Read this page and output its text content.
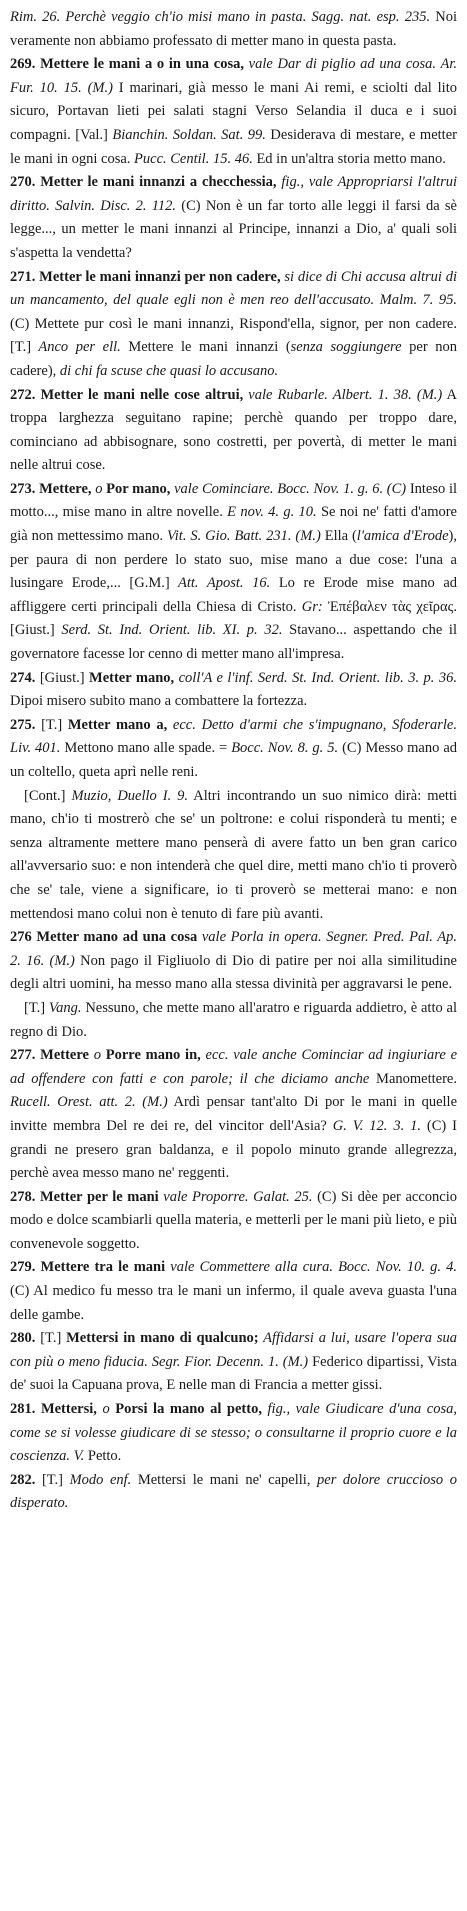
Rim. 26. Perchè veggio ch'io misi mano in pasta. Sagg. nat. esp. 235. Noi veramente non abbiamo professato di metter mano in questa pasta.

269. Mettere le mani a o in una cosa, vale Dar di piglio ad una cosa. Ar. Fur. 10. 15. (M.) I marinari, già messo le mani Ai remi, e sciolti dal lito sicuro, Portavan lieti pei salati stagni Verso Selandia il duca e i suoi compagni. [Val.] Bianchin. Soldan. Sat. 99. Desiderava di mestare, e metter le mani in ogni cosa. Pucc. Centil. 15. 46. Ed in un'altra storia metto mano.

270. Metter le mani innanzi a checchessia, fig., vale Appropriarsi l'altrui diritto. Salvin. Disc. 2. 112. (C) Non è un far torto alle leggi il farsi da sè legge..., un metter le mani innanzi al Principe, innanzi a Dio, a' quali soli s'aspetta la vendetta?

271. Metter le mani innanzi per non cadere, si dice di Chi accusa altrui di un mancamento, del quale egli non è men reo dell'accusato. Malm. 7. 95. (C) Mettete pur così le mani innanzi, Rispond'ella, signor, per non cadere. [T.] Anco per ell. Mettere le mani innanzi (senza soggiungere per non cadere), di chi fa scuse che quasi lo accusano.

272. Metter le mani nelle cose altrui, vale Rubarle. Albert. 1. 38. (M.) A troppa larghezza seguitano rapine; perchè quando per troppo dare, cominciano ad abbisognare, sono costretti, per povertà, di metter le mani nelle altrui cose.

273. Mettere, o Por mano, vale Cominciare. Bocc. Nov. 1. g. 6. (C) Inteso il motto..., mise mano in altre novelle. E nov. 4. g. 10. Se noi ne' fatti d'amore già non mettessimo mano. Vit. S. Gio. Batt. 231. (M.) Ella (l'amica d'Erode), per paura di non perdere lo stato suo, mise mano a due cose: l'una a lusingare Erode,... [G.M.] Att. Apost. 16. Lo re Erode mise mano ad affliggere certi principali della Chiesa di Cristo. Gr: Ἐπέβαλεν τὰς χεῖρας. [Giust.] Serd. St. Ind. Orient. lib. XI. p. 32. Stavano... aspettando che il governatore facesse lor cenno di metter mano all'impresa.

274. [Giust.] Metter mano, coll'A e l'inf. Serd. St. Ind. Orient. lib. 3. p. 36. Dipoi misero subito mano a combattere la fortezza.

275. [T.] Metter mano a, ecc. Detto d'armi che s'impugnano, Sfoderarle. Liv. 401. Mettono mano alle spade. = Bocc. Nov. 8. g. 5. (C) Messo mano ad un coltello, queta aprì nelle reni.

[Cont.] Muzio, Duello I. 9. Altri incontrando un suo nimico dirà: metti mano, ch'io ti mostrerò che se' un poltrone: e colui risponderà tu menti; e senza altramente mettere mano penserà di avere fatto un ben gran carico all'avversario suo: e non intenderà che quel dire, metti mano ch'io ti proverò che se' tale, viene a significare, io ti proverò se metterai mano: e non mettendosi mano colui non è tenuto di fare più avanti.

276 Metter mano ad una cosa vale Porla in opera. Segner. Pred. Pal. Ap. 2. 16. (M.) Non pago il Figliuolo di Dio di patire per noi alla similitudine degli altri uomini, ha messo mano alla stessa divinità per aggravarsi le pene.

[T.] Vang. Nessuno, che mette mano all'aratro e riguarda addietro, è atto al regno di Dio.

277. Mettere o Porre mano in, ecc. vale anche Cominciar ad ingiuriare e ad offendere con fatti e con parole; il che diciamo anche Manomettere. Rucell. Orest. att. 2. (M.) Ardì pensar tant'alto Di por le mani in quelle invitte membra Del re dei re, del vincitor dell'Asia? G. V. 12. 3. 1. (C) I grandi ne presero gran baldanza, e il popolo minuto grande allegrezza, perchè avea messo mano ne' reggenti.

278. Metter per le mani vale Proporre. Galat. 25. (C) Si dèe per acconcio modo e dolce scambiarli quella materia, e metterli per le mani più lieto, e più convenevole soggetto.

279. Mettere tra le mani vale Commettere alla cura. Bocc. Nov. 10. g. 4. (C) Al medico fu messo tra le mani un infermo, il quale aveva guasta l'una delle gambe.

280. [T.] Mettersi in mano di qualcuno; Affidarsi a lui, usare l'opera sua con più o meno fiducia. Segr. Fior. Decenn. 1. (M.) Federico dipartissi, Vista de' suoi la Capuana prova, E nelle man di Francia a metter gissi.

281. Mettersi, o Porsi la mano al petto, fig., vale Giudicare d'una cosa, come se si volesse giudicare di se stesso; o consultarne il proprio cuore e la coscienza. V. Petto.

282. [T.] Modo enf. Mettersi le mani ne' capelli, per dolore cruccioso o disperato.
